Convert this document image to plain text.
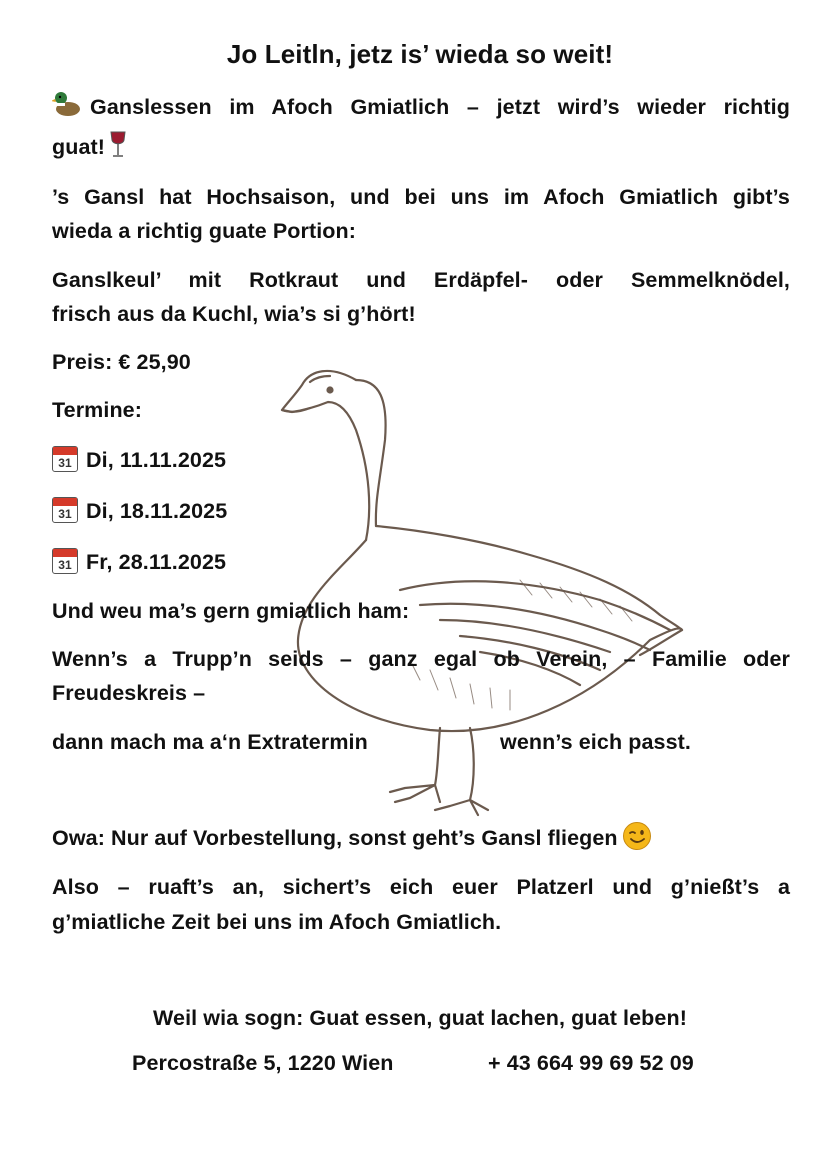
Jo Leitln, jetz is’ wieda so weit!
Ganslessen im Afoch Gmiatlich – jetzt wird’s wieder richtig
guat!
’s Gansl hat Hochsaison, und bei uns im Afoch Gmiatlich gibt’s
wieda a richtig guate Portion:
Ganslkeul’ mit Rotkraut und Erdäpfel- oder Semmelknödel,
frisch aus da Kuchl, wia’s si g’hört!
Preis: € 25,90
Termine:
31 Di, 11.11.2025
31 Di, 18.11.2025
31 Fr, 28.11.2025
Und weu ma’s gern gmiatlich ham:
Wenn’s a Trupp’n seids – ganz egal ob Verein, – Familie oder
Freudeskreis –
dann mach ma a‘n Extratermin	wenn’s eich passt.
Owa: Nur auf Vorbestellung, sonst geht’s Gansl fliegen
Also – ruaft’s an, sichert’s eich euer Platzerl und g’nießt’s a
g’miatliche Zeit bei uns im Afoch Gmiatlich.
Weil wia sogn: Guat essen, guat lachen, guat leben!
Percostraße 5, 1220 Wien	+ 43 664 99 69 52 09
